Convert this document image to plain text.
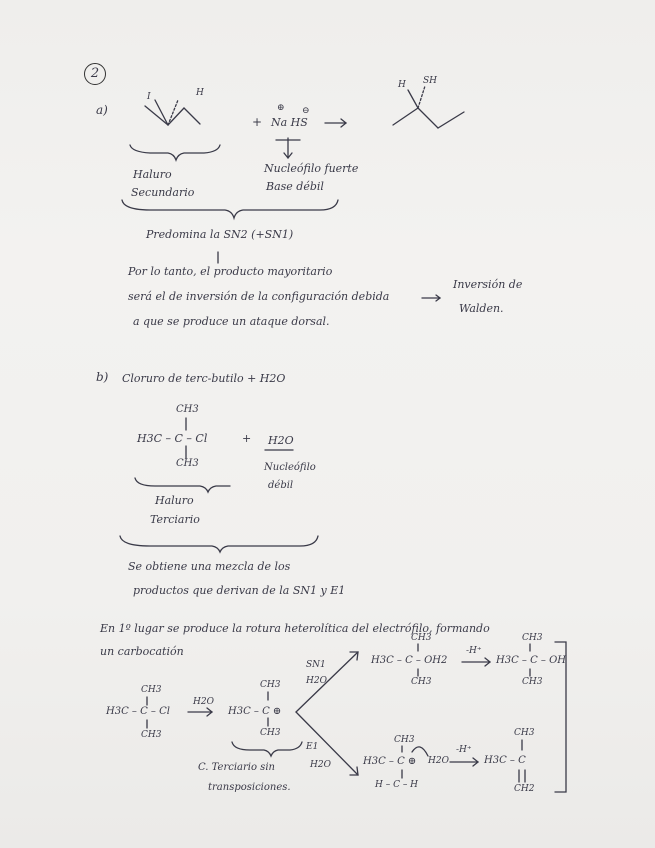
2
a)
I	H
+
⊕ ⊖
Na HS
H SH
Haluro
Secundario
Nucleófilo fuerte
Base débil
Predomina la SN2 (+SN1)
Por lo tanto, el producto mayoritario
será el de inversión de la configuración debida
a que se produce un ataque dorsal.
Inversión de
Walden.
b) Cloruro de terc-butilo + H2O
CH3
H3C – C – Cl
CH3
+ H2O
Nucleófilo
débil
Haluro
Terciario
Se obtiene una mezcla de los
productos que derivan de la SN1 y E1
En 1º lugar se produce la rotura heterolítica del electrófilo, formando
un carbocatión
CH3
H3C – C – Cl
CH3
H2O
CH3
H3C – C ⊕
CH3
C. Terciario sin
transposiciones.
SN1
H2O
CH3
H3C – C – OH2
CH3
-H⁺
CH3
H3C – C – OH
CH3
E1
H2O
CH3
H3C – C ⊕
H – C – H
H2O
-H⁺
CH3
H3C – C
CH2
